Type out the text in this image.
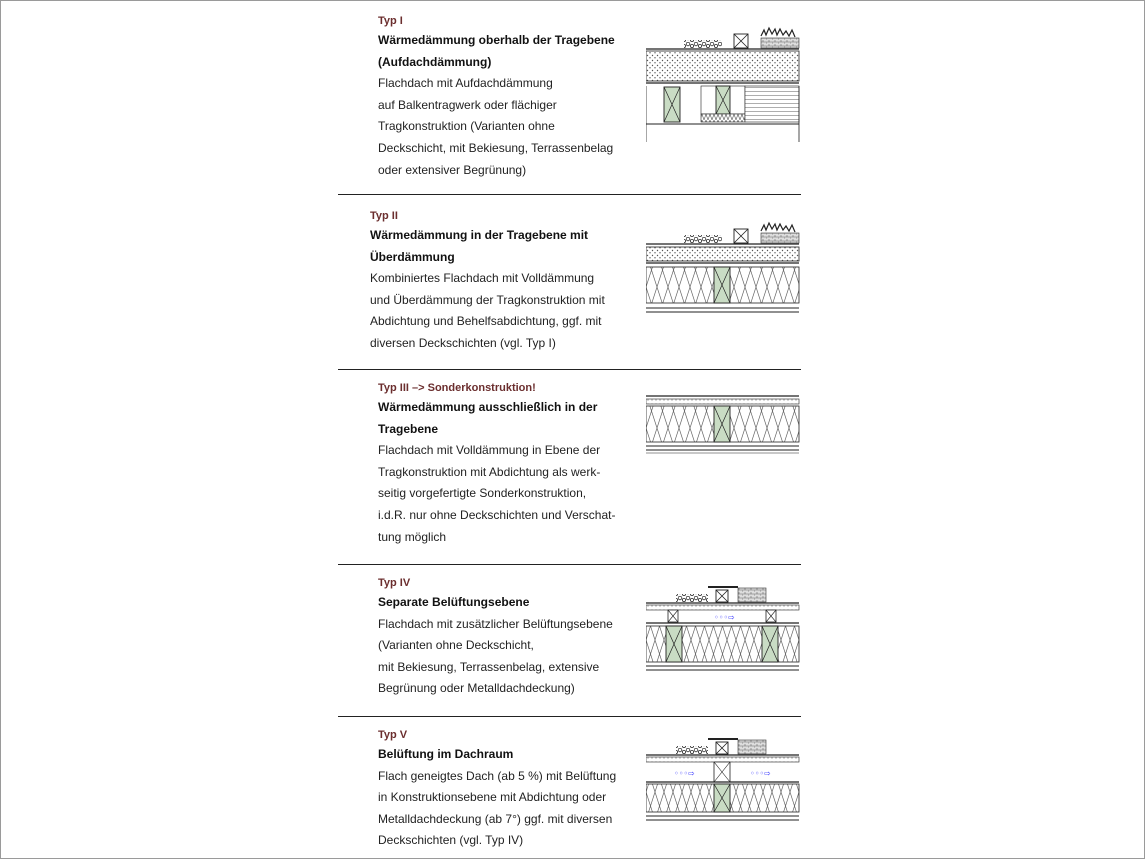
Typ I
Wärmedämmung oberhalb der Tragebene
(Aufdachdämmung)
Flachdach mit Aufdachdämmung
auf Balkentragwerk oder flächiger
Tragkonstruktion (Varianten ohne
Deckschicht, mit Bekiesung, Terrassenbelag
oder extensiver Begrünung)
Typ II
Wärmedämmung in der Tragebene mit
Überdämmung
Kombiniertes Flachdach mit Volldämmung
und Überdämmung der Tragkonstruktion mit
Abdichtung und Behelfsabdichtung, ggf. mit
diversen Deckschichten (vgl. Typ I)
Typ III –> Sonderkonstruktion!
Wärmedämmung ausschließlich in der
Tragebene
Flachdach mit Volldämmung in Ebene der
Tragkonstruktion mit Abdichtung als werk-
seitig vorgefertigte Sonderkonstruktion,
i.d.R. nur ohne Deckschichten und Verschat-
tung möglich
Typ IV
Separate Belüftungsebene
Flachdach mit zusätzlicher Belüftungsebene
(Varianten ohne Deckschicht,
mit Bekiesung, Terrassenbelag, extensive
Begrünung oder Metalldachdeckung)
◦◦◦⇨
Typ V
Belüftung im Dachraum
Flach geneigtes Dach (ab 5 %) mit Belüftung
in Konstruktionsebene mit Abdichtung oder
Metalldachdeckung (ab 7°) ggf. mit diversen
Deckschichten (vgl. Typ IV)
◦◦◦⇨	◦◦◦⇨
